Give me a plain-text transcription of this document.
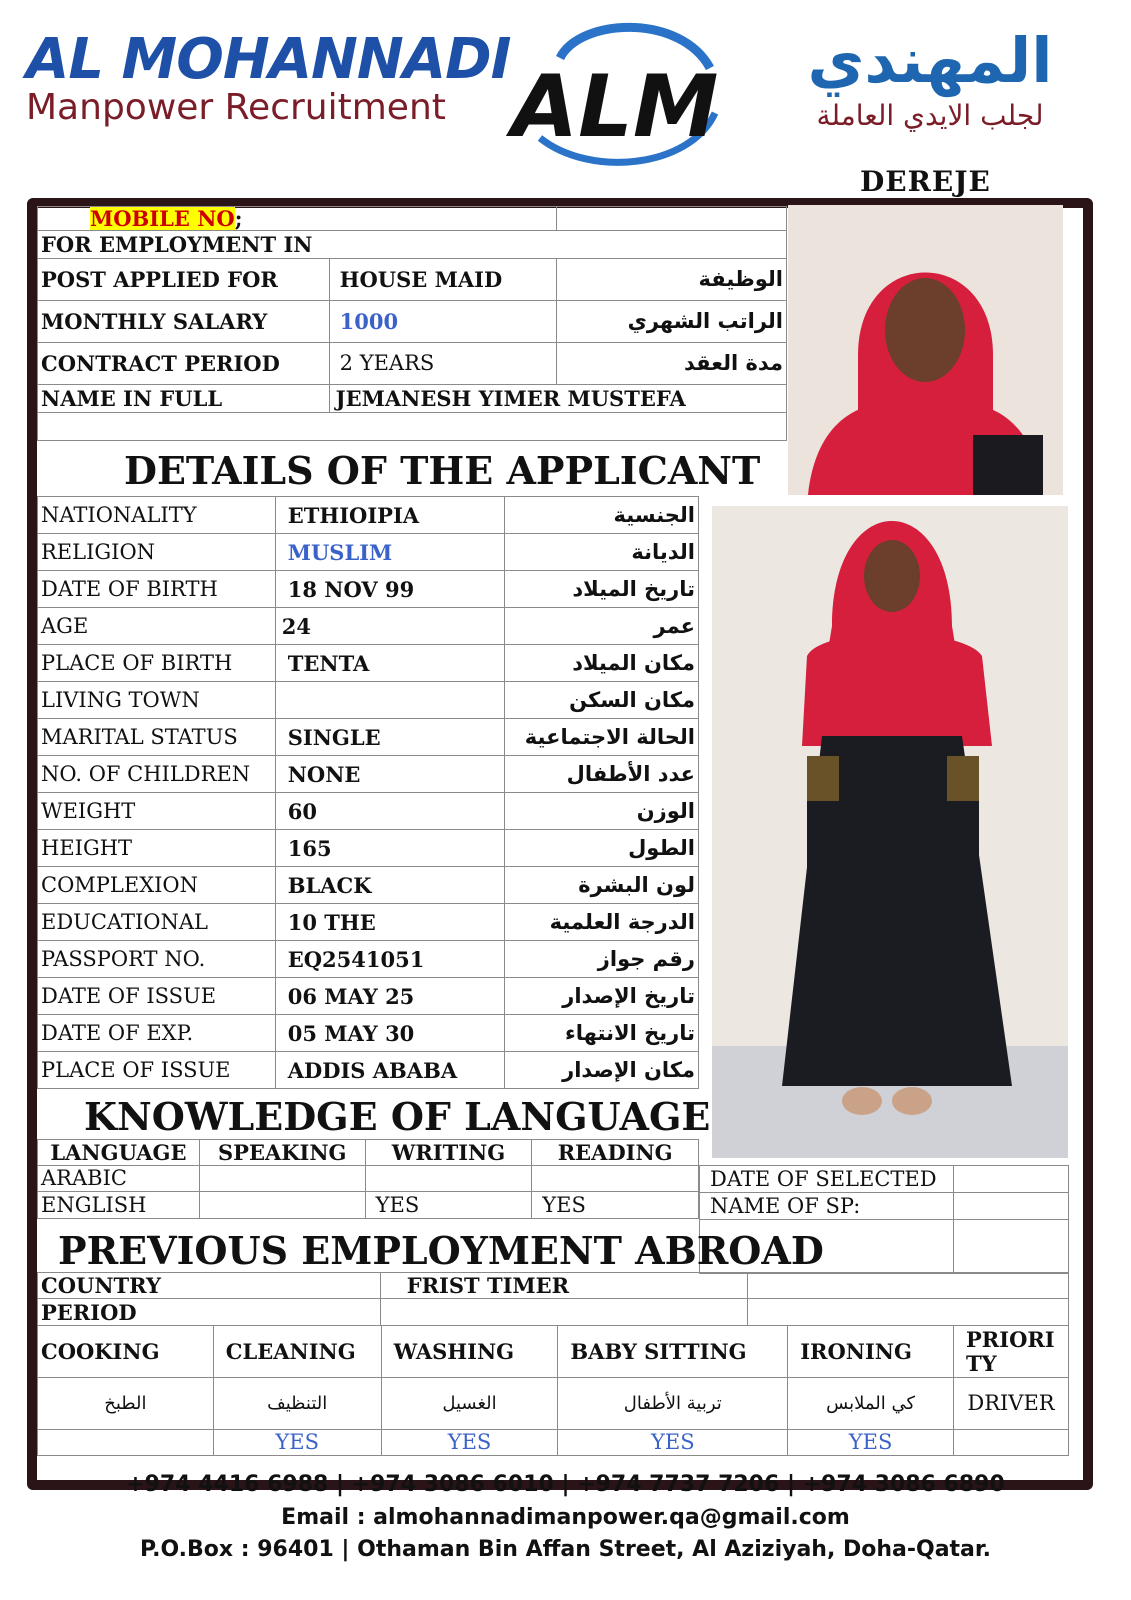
AL MOHANNADI
Manpower Recruitment ALM	المهندي
لجلب الايدي العاملة
DEREJE
MOBILE NO;		
FOR EMPLOYMENT IN		
POST APPLIED FOR	HOUSE MAID	الوظيفة
MONTHLY SALARY	1000	الراتب الشهري
CONTRACT PERIOD	2 YEARS	مدة العقد
NAME IN FULL	JEMANESH YIMER MUSTEFA	

DETAILS OF THE APPLICANT
NATIONALITY	ETHIOIPIA	الجنسية
RELIGION	MUSLIM	الديانة
DATE OF BIRTH	18 NOV 99	تاريخ الميلاد
AGE	24	عمر
PLACE OF BIRTH	TENTA	مكان الميلاد
LIVING TOWN		مكان السكن
MARITAL STATUS	SINGLE	الحالة الاجتماعية
NO. OF CHILDREN	NONE	عدد الأطفال
WEIGHT	60	الوزن
HEIGHT	165	الطول
COMPLEXION	BLACK	لون البشرة
EDUCATIONAL	10 THE	الدرجة العلمية
PASSPORT NO.	EQ2541051	رقم جواز
DATE OF ISSUE	06 MAY 25	تاريخ الإصدار
DATE OF EXP.	05 MAY 30	تاريخ الانتهاء
PLACE OF ISSUE	ADDIS ABABA	مكان الإصدار
KNOWLEDGE OF LANGUAGE
LANGUAGE	SPEAKING	WRITING	READING
ARABIC			
ENGLISH		YES	YES
DATE OF SELECTED	
NAME OF SP:	

PREVIOUS EMPLOYMENT ABROAD
COUNTRY	FRIST TIMER	
PERIOD		
COOKING	CLEANING	WASHING	BABY SITTING	IRONING	PRIORI TY
الطبخ	التنظيف	الغسيل	تربية الأطفال	كي الملابس	DRIVER
	YES	YES	YES	YES	
+974 4416 6988 | +974 3086 6010 | +974 7737 7206 | +974 3086 6890
Email : almohannadimanpower.qa@gmail.com
P.O.Box : 96401 | Othaman Bin Affan Street, Al Aziziyah, Doha-Qatar.
